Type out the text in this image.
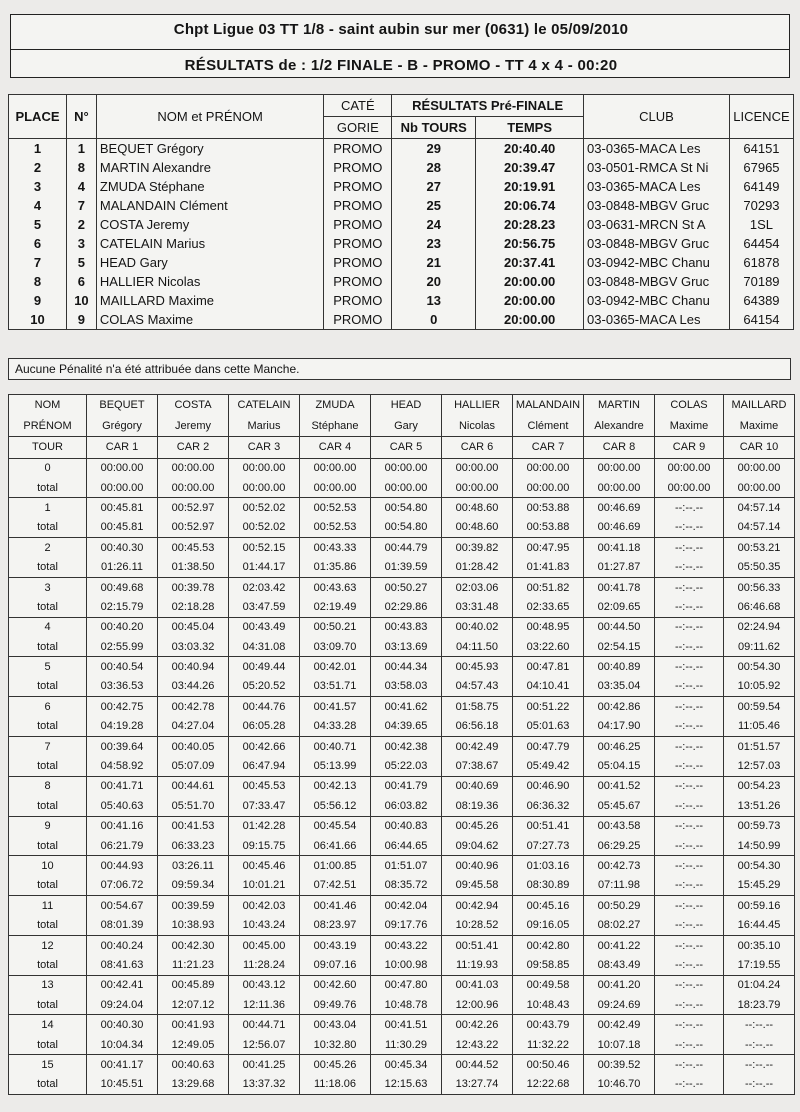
Chpt Ligue 03 TT 1/8 - saint aubin sur mer (0631) le 05/09/2010
RÉSULTATS de : 1/2 FINALE - B - PROMO - TT 4 x 4 - 00:20
PLACE	N°	NOM et PRÉNOM	CATÉ	RÉSULTATS Pré-FINALE		CLUB	LICENCE
			GORIE	Nb TOURS	TEMPS		
1	1	BEQUET Grégory	PROMO	29	20:40.40	03-0365-MACA Les	64151
2	8	MARTIN Alexandre	PROMO	28	20:39.47	03-0501-RMCA St Ni	67965
3	4	ZMUDA Stéphane	PROMO	27	20:19.91	03-0365-MACA Les	64149
4	7	MALANDAIN Clément	PROMO	25	20:06.74	03-0848-MBGV Gruc	70293
5	2	COSTA Jeremy	PROMO	24	20:28.23	03-0631-MRCN St A	1SL
6	3	CATELAIN Marius	PROMO	23	20:56.75	03-0848-MBGV Gruc	64454
7	5	HEAD Gary	PROMO	21	20:37.41	03-0942-MBC Chanu	61878
8	6	HALLIER Nicolas	PROMO	20	20:00.00	03-0848-MBGV Gruc	70189
9	10	MAILLARD Maxime	PROMO	13	20:00.00	03-0942-MBC Chanu	64389
10	9	COLAS Maxime	PROMO	0	20:00.00	03-0365-MACA Les	64154
Aucune Pénalité n'a été attribuée dans cette Manche.
NOM	BEQUET	COSTA	CATELAIN	ZMUDA	HEAD	HALLIER	MALANDAIN	MARTIN	COLAS	MAILLARD
PRÉNOM	Grégory	Jeremy	Marius	Stéphane	Gary	Nicolas	Clément	Alexandre	Maxime	Maxime
TOUR	CAR 1	CAR 2	CAR 3	CAR 4	CAR 5	CAR 6	CAR 7	CAR 8	CAR 9	CAR 10
0	00:00.00	00:00.00	00:00.00	00:00.00	00:00.00	00:00.00	00:00.00	00:00.00	00:00.00	00:00.00
total	00:00.00	00:00.00	00:00.00	00:00.00	00:00.00	00:00.00	00:00.00	00:00.00	00:00.00	00:00.00
1	00:45.81	00:52.97	00:52.02	00:52.53	00:54.80	00:48.60	00:53.88	00:46.69	--:--.--	04:57.14
total	00:45.81	00:52.97	00:52.02	00:52.53	00:54.80	00:48.60	00:53.88	00:46.69	--:--.--	04:57.14
2	00:40.30	00:45.53	00:52.15	00:43.33	00:44.79	00:39.82	00:47.95	00:41.18	--:--.--	00:53.21
total	01:26.11	01:38.50	01:44.17	01:35.86	01:39.59	01:28.42	01:41.83	01:27.87	--:--.--	05:50.35
3	00:49.68	00:39.78	02:03.42	00:43.63	00:50.27	02:03.06	00:51.82	00:41.78	--:--.--	00:56.33
total	02:15.79	02:18.28	03:47.59	02:19.49	02:29.86	03:31.48	02:33.65	02:09.65	--:--.--	06:46.68
4	00:40.20	00:45.04	00:43.49	00:50.21	00:43.83	00:40.02	00:48.95	00:44.50	--:--.--	02:24.94
total	02:55.99	03:03.32	04:31.08	03:09.70	03:13.69	04:11.50	03:22.60	02:54.15	--:--.--	09:11.62
5	00:40.54	00:40.94	00:49.44	00:42.01	00:44.34	00:45.93	00:47.81	00:40.89	--:--.--	00:54.30
total	03:36.53	03:44.26	05:20.52	03:51.71	03:58.03	04:57.43	04:10.41	03:35.04	--:--.--	10:05.92
6	00:42.75	00:42.78	00:44.76	00:41.57	00:41.62	01:58.75	00:51.22	00:42.86	--:--.--	00:59.54
total	04:19.28	04:27.04	06:05.28	04:33.28	04:39.65	06:56.18	05:01.63	04:17.90	--:--.--	11:05.46
7	00:39.64	00:40.05	00:42.66	00:40.71	00:42.38	00:42.49	00:47.79	00:46.25	--:--.--	01:51.57
total	04:58.92	05:07.09	06:47.94	05:13.99	05:22.03	07:38.67	05:49.42	05:04.15	--:--.--	12:57.03
8	00:41.71	00:44.61	00:45.53	00:42.13	00:41.79	00:40.69	00:46.90	00:41.52	--:--.--	00:54.23
total	05:40.63	05:51.70	07:33.47	05:56.12	06:03.82	08:19.36	06:36.32	05:45.67	--:--.--	13:51.26
9	00:41.16	00:41.53	01:42.28	00:45.54	00:40.83	00:45.26	00:51.41	00:43.58	--:--.--	00:59.73
total	06:21.79	06:33.23	09:15.75	06:41.66	06:44.65	09:04.62	07:27.73	06:29.25	--:--.--	14:50.99
10	00:44.93	03:26.11	00:45.46	01:00.85	01:51.07	00:40.96	01:03.16	00:42.73	--:--.--	00:54.30
total	07:06.72	09:59.34	10:01.21	07:42.51	08:35.72	09:45.58	08:30.89	07:11.98	--:--.--	15:45.29
11	00:54.67	00:39.59	00:42.03	00:41.46	00:42.04	00:42.94	00:45.16	00:50.29	--:--.--	00:59.16
total	08:01.39	10:38.93	10:43.24	08:23.97	09:17.76	10:28.52	09:16.05	08:02.27	--:--.--	16:44.45
12	00:40.24	00:42.30	00:45.00	00:43.19	00:43.22	00:51.41	00:42.80	00:41.22	--:--.--	00:35.10
total	08:41.63	11:21.23	11:28.24	09:07.16	10:00.98	11:19.93	09:58.85	08:43.49	--:--.--	17:19.55
13	00:42.41	00:45.89	00:43.12	00:42.60	00:47.80	00:41.03	00:49.58	00:41.20	--:--.--	01:04.24
total	09:24.04	12:07.12	12:11.36	09:49.76	10:48.78	12:00.96	10:48.43	09:24.69	--:--.--	18:23.79
14	00:40.30	00:41.93	00:44.71	00:43.04	00:41.51	00:42.26	00:43.79	00:42.49	--:--.--	--:--.--
total	10:04.34	12:49.05	12:56.07	10:32.80	11:30.29	12:43.22	11:32.22	10:07.18	--:--.--	--:--.--
15	00:41.17	00:40.63	00:41.25	00:45.26	00:45.34	00:44.52	00:50.46	00:39.52	--:--.--	--:--.--
total	10:45.51	13:29.68	13:37.32	11:18.06	12:15.63	13:27.74	12:22.68	10:46.70	--:--.--	--:--.--
